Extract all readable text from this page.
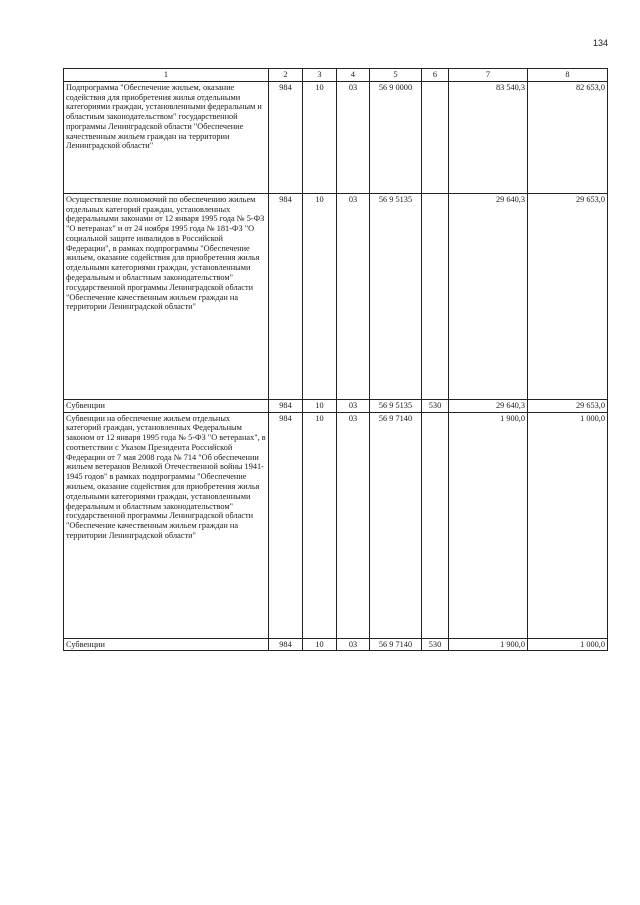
134
1	2	3	4	5	6	7	8
Подпрограмма "Обеспечение жильем, оказание содействия для приобретения жилья отдельными категориями граждан, установленными федеральным и областным законодательством" государственной программы Ленинградской области "Обеспечение качественным жильем граждан на территории Ленинградской области"	984	10	03	56 9 0000		83 540,3	82 653,0
Осуществление полномочий по обеспечению жильем отдельных категорий граждан, установленных федеральными законами от 12 января 1995 года № 5-ФЗ "О ветеранах" и от 24 ноября 1995 года № 181-ФЗ "О социальной защите инвалидов в Российской Федерации", в рамках подпрограммы "Обеспечение жильем, оказание содействия для приобретения жилья отдельными категориями граждан, установленными федеральным и областным законодательством" государственной программы Ленинградской области "Обеспечение качественным жильем граждан на территории Ленинградской области"	984	10	03	56 9 5135		29 640,3	29 653,0
Субвенции	984	10	03	56 9 5135	530	29 640,3	29 653,0
Субвенции на обеспечение жильем отдельных категорий граждан, установленных Федеральным законом от 12 января 1995 года № 5-ФЗ "О ветеранах", в соответствии с Указом Президента Российской Федерации от 7 мая 2008 года № 714 "Об обеспечении жильем ветеранов Великой Отечественной войны 1941-1945 годов" в рамках подпрограммы "Обеспечение жильем, оказание содействия для приобретения жилья отдельными категориями граждан, установленными федеральным и областным законодательством" государственной программы Ленинградской области "Обеспечение качественным жильем граждан на территории Ленинградской области"	984	10	03	56 9 7140		1 900,0	1 000,0
Субвенции	984	10	03	56 9 7140	530	1 900,0	1 000,0
